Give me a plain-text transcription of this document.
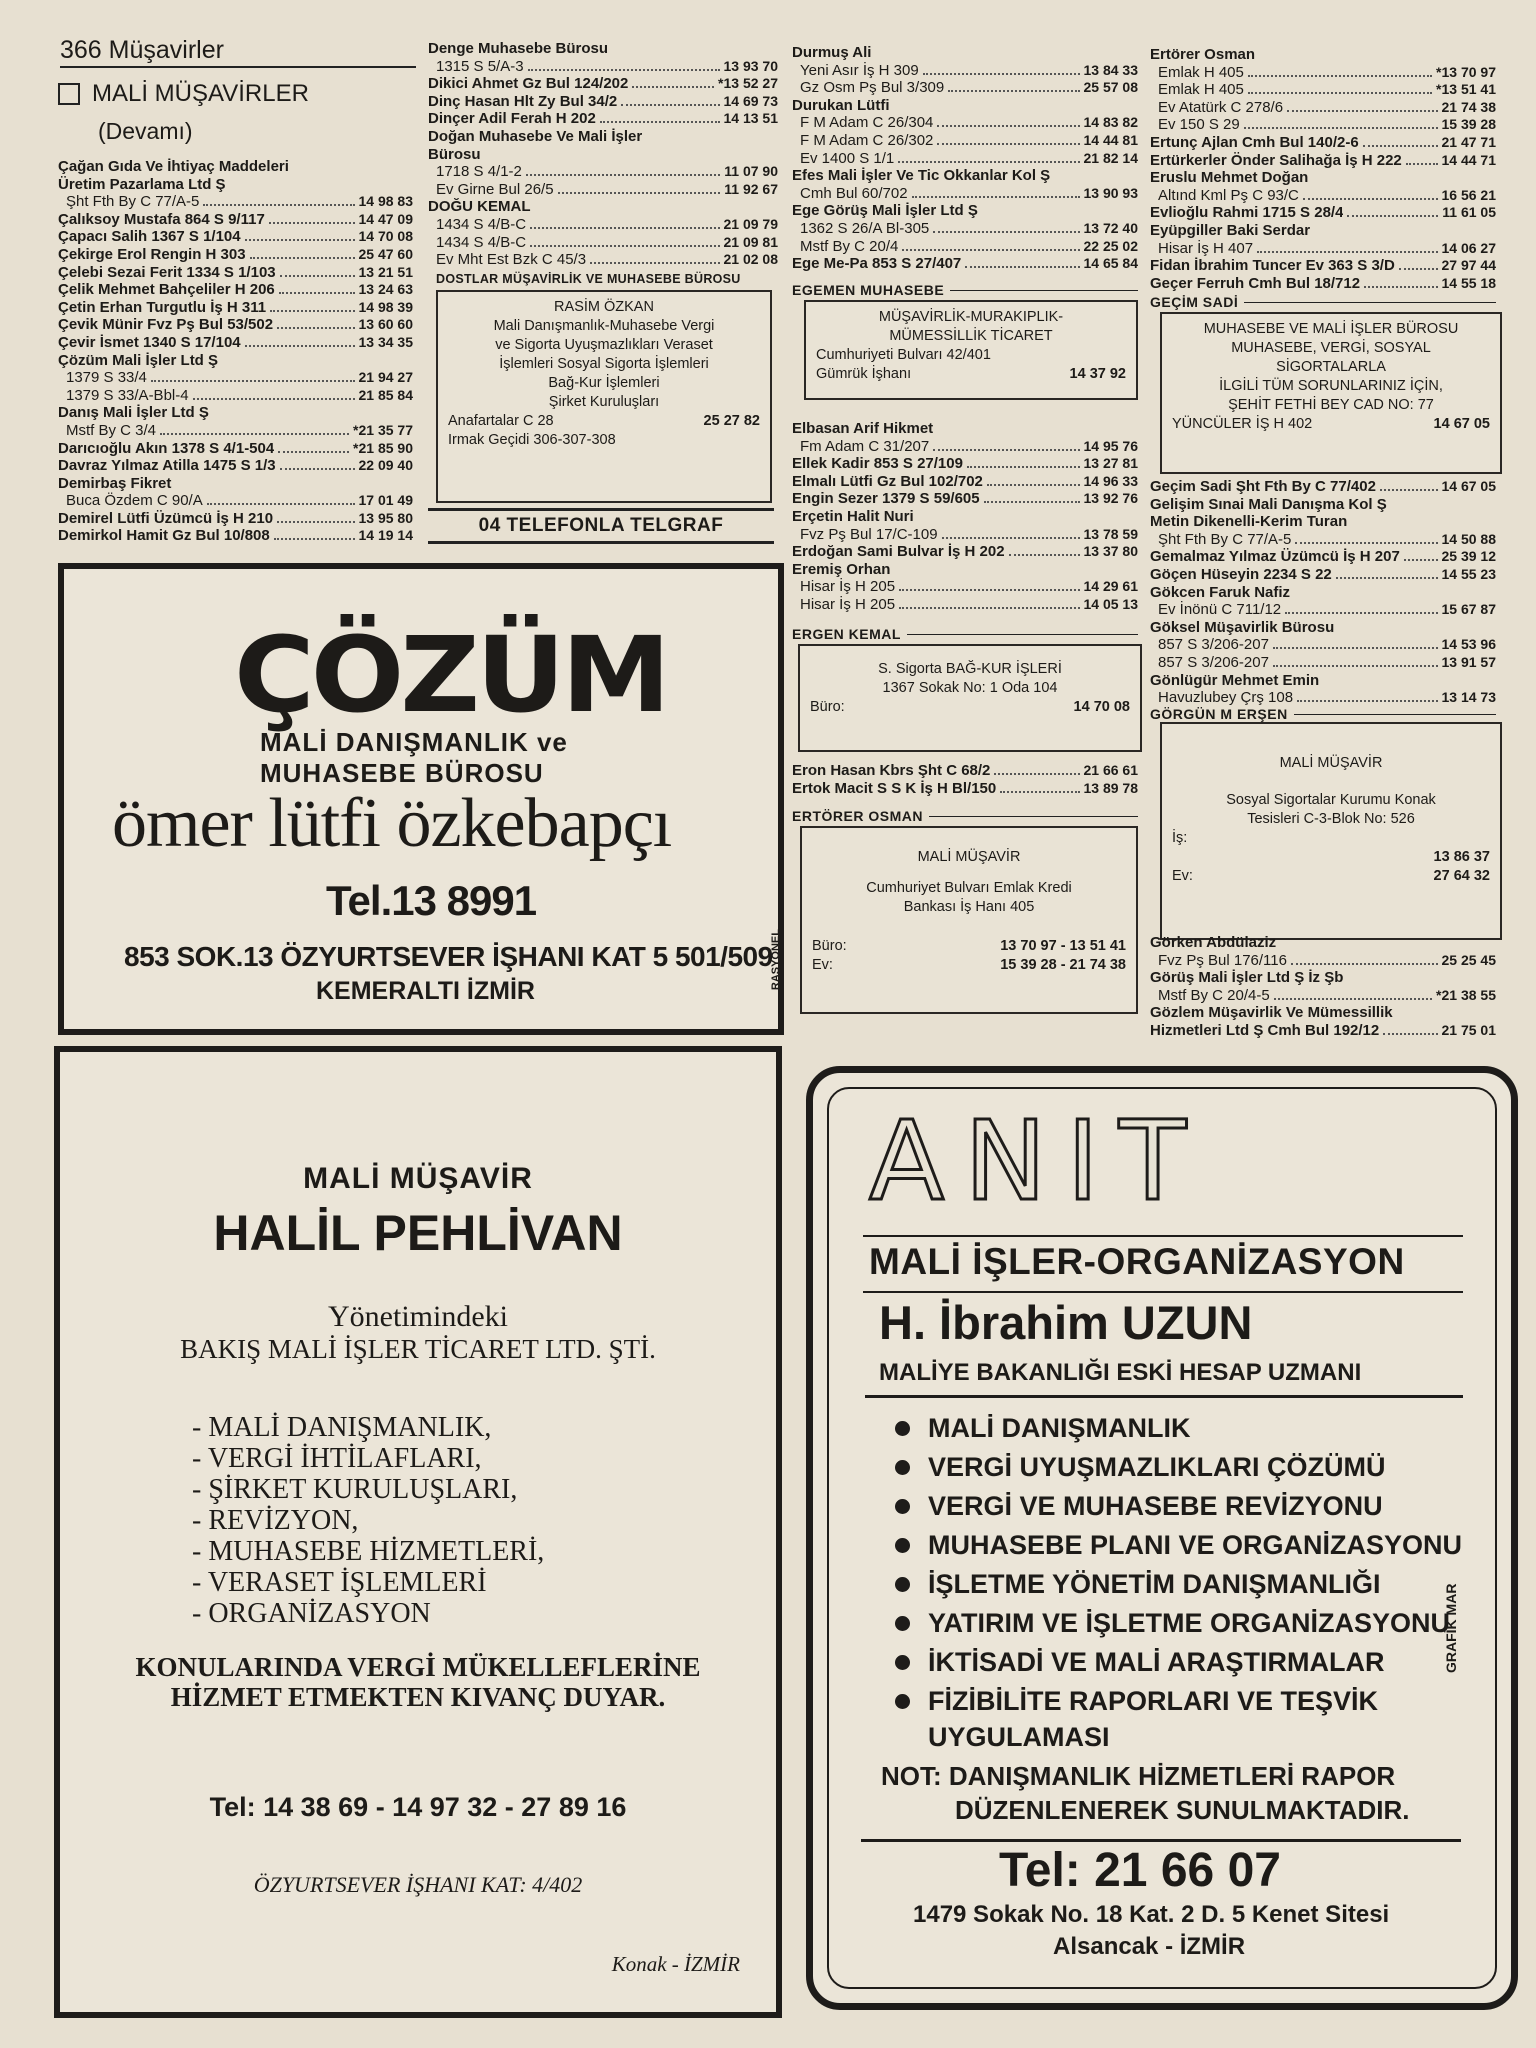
366 Müşavirler
MALİ MÜŞAVİRLER
(Devamı)
Çağan Gıda Ve İhtiyaç Maddeleri
Üretim Pazarlama Ltd Ş
Şht Fth By C 77/A-5	14 98 83
Çalıksoy Mustafa 864 S 9/117	14 47 09
Çapacı Salih 1367 S 1/104	14 70 08
Çekirge Erol Rengin H 303	25 47 60
Çelebi Sezai Ferit 1334 S 1/103	13 21 51
Çelik Mehmet Bahçeliler H 206	13 24 63
Çetin Erhan Turgutlu İş H 311	14 98 39
Çevik Münir Fvz Pş Bul 53/502	13 60 60
Çevir İsmet 1340 S 17/104	13 34 35
Çözüm Mali İşler Ltd Ş
1379 S 33/4	21 94 27
1379 S 33/A-Bbl-4	21 85 84
Danış Mali İşler Ltd Ş
Mstf By C 3/4	*21 35 77
Darıcıoğlu Akın 1378 S 4/1-504	*21 85 90
Davraz Yılmaz Atilla 1475 S 1/3	22 09 40
Demirbaş Fikret
Buca Özdem C 90/A	17 01 49
Demirel Lütfi Üzümcü İş H 210	13 95 80
Demirkol Hamit Gz Bul 10/808	14 19 14
Denge Muhasebe Bürosu
1315 S 5/A-3	13 93 70
Dikici Ahmet Gz Bul 124/202	*13 52 27
Dinç Hasan Hlt Zy Bul 34/2	14 69 73
Dinçer Adil Ferah H 202	14 13 51
Doğan Muhasebe Ve Mali İşler
Bürosu
1718 S 4/1-2	11 07 90
Ev Girne Bul 26/5	11 92 67
DOĞU KEMAL
1434 S 4/B-C	21 09 79
1434 S 4/B-C	21 09 81
Ev Mht Est Bzk C 45/3	21 02 08
DOSTLAR MÜŞAVİRLİK VE MUHASEBE BÜROSU
RASİM ÖZKAN
Mali Danışmanlık-Muhasebe Vergi
ve Sigorta Uyuşmazlıkları Veraset
İşlemleri Sosyal Sigorta İşlemleri
Bağ-Kur İşlemleri
Şirket Kuruluşları
Anafartalar C 28	25 27 82
Irmak Geçidi 306-307-308
04 TELEFONLA TELGRAF
Durmuş Ali
Yeni Asır İş H 309	13 84 33
Gz Osm Pş Bul 3/309	25 57 08
Durukan Lütfi
F M Adam C 26/304	14 83 82
F M Adam C 26/302	14 44 81
Ev 1400 S 1/1	21 82 14
Efes Mali İşler Ve Tic Okkanlar Kol Ş
Cmh Bul 60/702	13 90 93
Ege Görüş Mali İşler Ltd Ş
1362 S 26/A Bl-305	13 72 40
Mstf By C 20/4	22 25 02
Ege Me-Pa 853 S 27/407	14 65 84
EGEMEN MUHASEBE
MÜŞAVİRLİK-MURAKIPLIK-
MÜMESSİLLİK TİCARET
Cumhuriyeti Bulvarı 42/401
Gümrük İşhanı	14 37 92
Elbasan Arif Hikmet
Fm Adam C 31/207	14 95 76
Ellek Kadir 853 S 27/109	13 27 81
Elmalı Lütfi Gz Bul 102/702	14 96 33
Engin Sezer 1379 S 59/605	13 92 76
Erçetin Halit Nuri
Fvz Pş Bul 17/C-109	13 78 59
Erdoğan Sami Bulvar İş H 202	13 37 80
Eremiş Orhan
Hisar İş H 205	14 29 61
Hisar İş H 205	14 05 13
ERGEN KEMAL
S. Sigorta BAĞ-KUR İŞLERİ
1367 Sokak No: 1 Oda 104
Büro:	14 70 08
Eron Hasan Kbrs Şht C 68/2	21 66 61
Ertok Macit S S K İş H Bl/150	13 89 78
ERTÖRER OSMAN
MALİ MÜŞAVİR
Cumhuriyet Bulvarı Emlak Kredi
Bankası İş Hanı 405
Büro:	13 70 97 - 13 51 41
Ev:	15 39 28 - 21 74 38
Ertörer Osman
Emlak H 405	*13 70 97
Emlak H 405	*13 51 41
Ev Atatürk C 278/6	21 74 38
Ev 150 S 29	15 39 28
Ertunç Ajlan Cmh Bul 140/2-6	21 47 71
Ertürkerler Önder Salihağa İş H 222	14 44 71
Eruslu Mehmet Doğan
Altınd Kml Pş C 93/C	16 56 21
Evlioğlu Rahmi 1715 S 28/4	11 61 05
Eyüpgiller Baki Serdar
Hisar İş H 407	14 06 27
Fidan İbrahim Tuncer Ev 363 S 3/D	27 97 44
Geçer Ferruh Cmh Bul 18/712	14 55 18
GEÇİM SADİ
MUHASEBE VE MALİ İŞLER BÜROSU
MUHASEBE, VERGİ, SOSYAL
SİGORTALARLA
İLGİLİ TÜM SORUNLARINIZ İÇİN,
ŞEHİT FETHİ BEY CAD NO: 77
YÜNCÜLER İŞ H 402	14 67 05
Geçim Sadi Şht Fth By C 77/402	14 67 05
Gelişim Sınai Mali Danışma Kol Ş
Metin Dikenelli-Kerim Turan
Şht Fth By C 77/A-5	14 50 88
Gemalmaz Yılmaz Üzümcü İş H 207	25 39 12
Göçen Hüseyin 2234 S 22	14 55 23
Gökcen Faruk Nafiz
Ev İnönü C 711/12	15 67 87
Göksel Müşavirlik Bürosu
857 S 3/206-207	14 53 96
857 S 3/206-207	13 91 57
Gönlügür Mehmet Emin
Havuzlubey Çrş 108	13 14 73
GÖRGÜN M ERŞEN
MALİ MÜŞAVİR
Sosyal Sigortalar Kurumu Konak
Tesisleri C-3-Blok No: 526
İş:
13 86 37
Ev:	27 64 32
Görken Abdülaziz
Fvz Pş Bul 176/116	25 25 45
Görüş Mali İşler Ltd Ş İz Şb
Mstf By C 20/4-5	*21 38 55
Gözlem Müşavirlik Ve Mümessillik
Hizmetleri Ltd Ş Cmh Bul 192/12	21 75 01
ÇÖZÜM
MALİ DANIŞMANLIK ve
MUHASEBE BÜROSU
ömer lütfi özkebapçı
Tel.13 8991
853 SOK.13 ÖZYURTSEVER İŞHANI KAT 5 501/509
KEMERALTI İZMİR
RASYONEL
MALİ MÜŞAVİR
HALİL PEHLİVAN
Yönetimindeki
BAKIŞ MALİ İŞLER TİCARET LTD. ŞTİ.
- MALİ DANIŞMANLIK,
- VERGİ İHTİLAFLARI,
- ŞİRKET KURULUŞLARI,
- REVİZYON,
- MUHASEBE HİZMETLERİ,
- VERASET İŞLEMLERİ
- ORGANİZASYON
KONULARINDA VERGİ MÜKELLEFLERİNE
HİZMET ETMEKTEN KIVANÇ DUYAR.
Tel: 14 38 69 - 14 97 32 - 27 89 16
ÖZYURTSEVER İŞHANI KAT: 4/402
Konak - İZMİR
ANIT
MALİ İŞLER-ORGANİZASYON
H. İbrahim UZUN
MALİYE BAKANLIĞI ESKİ HESAP UZMANI
MALİ DANIŞMANLIK
VERGİ UYUŞMAZLIKLARI ÇÖZÜMÜ
VERGİ VE MUHASEBE REVİZYONU
MUHASEBE PLANI VE ORGANİZASYONU
İŞLETME YÖNETİM DANIŞMANLIĞI
YATIRIM VE İŞLETME ORGANİZASYONU
İKTİSADİ VE MALİ ARAŞTIRMALAR
FİZİBİLİTE RAPORLARI VE TEŞVİK
UYGULAMASI
NOT: DANIŞMANLIK HİZMETLERİ RAPOR
DÜZENLENEREK SUNULMAKTADIR.
Tel: 21 66 07
1479 Sokak No. 18 Kat. 2 D. 5 Kenet Sitesi
Alsancak - İZMİR
GRAFİK MAR
